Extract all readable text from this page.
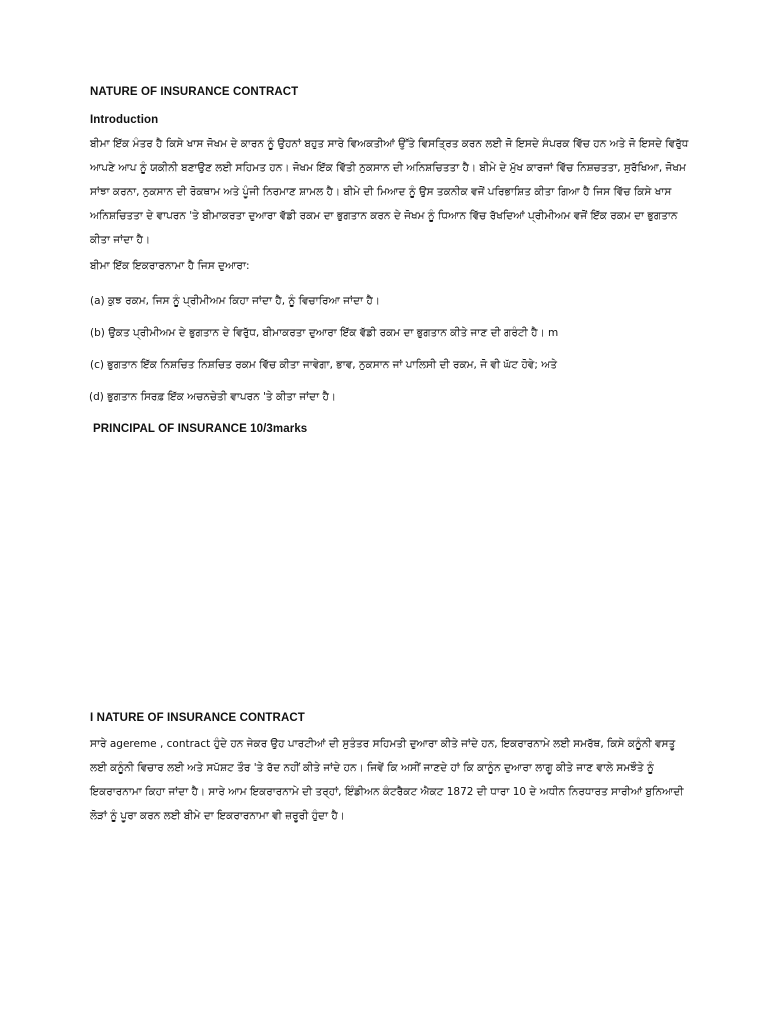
NATURE OF INSURANCE CONTRACT
Introduction

ਬੀਮਾ ਇੱਕ ਮੰਤਰ ਹੈ ਕਿਸੇ ਖਾਸ ਜੋਖਮ ਦੇ ਕਾਰਨ ਨੂੰ ਉਹਨਾਂ ਬਹੁਤ ਸਾਰੇ ਵਿਅਕਤੀਆਂ ਉੱਤੇ ਵਿਸਤ੍ਰਿਤ ਕਰਨ ਲਈ ਜੋ ਇਸਦੇ ਸੰਪਰਕ ਵਿੱਚ ਹਨ ਅਤੇ ਜੋ ਇਸਦੇ ਵਿਰੁੱਧ ਆਪਣੇ ਆਪ ਨੂੰ ਯਕੀਨੀ ਬਣਾਉਣ ਲਈ ਸਹਿਮਤ ਹਨ। ਜੋਖਮ ਇੱਕ ਵਿੱਤੀ ਨੁਕਸਾਨ ਦੀ ਅਨਿਸ਼ਚਿਤਤਾ ਹੈ। ਬੀਮੇ ਦੇ ਮੁੱਖ ਕਾਰਜਾਂ ਵਿੱਚ ਨਿਸ਼ਚਤਤਾ, ਸੁਰੱਖਿਆ, ਜੋਖਮ ਸਾਂਝਾ ਕਰਨਾ, ਨੁਕਸਾਨ ਦੀ ਰੋਕਥਾਮ ਅਤੇ ਪੂੰਜੀ ਨਿਰਮਾਣ ਸ਼ਾਮਲ ਹੈ। ਬੀਮੇ ਦੀ ਮਿਆਦ ਨੂੰ ਉਸ ਤਕਨੀਕ ਵਜੋਂ ਪਰਿਭਾਸ਼ਿਤ ਕੀਤਾ ਗਿਆ ਹੈ ਜਿਸ ਵਿੱਚ ਕਿਸੇ ਖਾਸ ਅਨਿਸ਼ਚਿਤਤਾ ਦੇ ਵਾਪਰਨ 'ਤੇ ਬੀਮਾਕਰਤਾ ਦੁਆਰਾ ਵੱਡੀ ਰਕਮ ਦਾ ਭੁਗਤਾਨ ਕਰਨ ਦੇ ਜੋਖਮ ਨੂੰ ਧਿਆਨ ਵਿੱਚ ਰੱਖਦਿਆਂ ਪ੍ਰੀਮੀਅਮ ਵਜੋਂ ਇੱਕ ਰਕਮ ਦਾ ਭੁਗਤਾਨ ਕੀਤਾ ਜਾਂਦਾ ਹੈ।

ਬੀਮਾ ਇੱਕ ਇਕਰਾਰਨਾਮਾ ਹੈ ਜਿਸ ਦੁਆਰਾ:

(a) ਕੁਝ ਰਕਮ, ਜਿਸ ਨੂੰ ਪ੍ਰੀਮੀਅਮ ਕਿਹਾ ਜਾਂਦਾ ਹੈ, ਨੂੰ ਵਿਚਾਰਿਆ ਜਾਂਦਾ ਹੈ।

(b) ਉਕਤ ਪ੍ਰੀਮੀਅਮ ਦੇ ਭੁਗਤਾਨ ਦੇ ਵਿਰੁੱਧ, ਬੀਮਾਕਰਤਾ ਦੁਆਰਾ ਇੱਕ ਵੱਡੀ ਰਕਮ ਦਾ ਭੁਗਤਾਨ ਕੀਤੇ ਜਾਣ ਦੀ ਗਰੰਟੀ ਹੈ। m

(c) ਭੁਗਤਾਨ ਇੱਕ ਨਿਸ਼ਚਿਤ ਨਿਸ਼ਚਿਤ ਰਕਮ ਵਿੱਚ ਕੀਤਾ ਜਾਵੇਗਾ, ਭਾਵ, ਨੁਕਸਾਨ ਜਾਂ ਪਾਲਿਸੀ ਦੀ ਰਕਮ, ਜੋ ਵੀ ਘੱਟ ਹੋਵੇ; ਅਤੇ

(d) ਭੁਗਤਾਨ ਸਿਰਫ਼ ਇੱਕ ਅਚਨਚੇਤੀ ਵਾਪਰਨ 'ਤੇ ਕੀਤਾ ਜਾਂਦਾ ਹੈ।

PRINCIPAL OF INSURANCE 10/3marks
I NATURE OF INSURANCE CONTRACT

ਸਾਰੇ agereme , contract ਹੁੰਦੇ ਹਨ ਜੇਕਰ ਉਹ ਪਾਰਟੀਆਂ ਦੀ ਸੁਤੰਤਰ ਸਹਿਮਤੀ ਦੁਆਰਾ ਕੀਤੇ ਜਾਂਦੇ ਹਨ, ਇਕਰਾਰਨਾਮੇ ਲਈ ਸਮਰੱਥ, ਕਿਸੇ ਕਨੂੰਨੀ ਵਸਤੂ ਲਈ ਕਨੂੰਨੀ ਵਿਚਾਰ ਲਈ ਅਤੇ ਸਪੱਸ਼ਟ ਤੌਰ 'ਤੇ ਰੱਦ ਨਹੀਂ ਕੀਤੇ ਜਾਂਦੇ ਹਨ। ਜਿਵੇਂ ਕਿ ਅਸੀਂ ਜਾਣਦੇ ਹਾਂ ਕਿ ਕਾਨੂੰਨ ਦੁਆਰਾ ਲਾਗੂ ਕੀਤੇ ਜਾਣ ਵਾਲੇ ਸਮਝੌਤੇ ਨੂੰ ਇਕਰਾਰਨਾਮਾ ਕਿਹਾ ਜਾਂਦਾ ਹੈ। ਸਾਰੇ ਆਮ ਇਕਰਾਰਨਾਮੇ ਦੀ ਤਰ੍ਹਾਂ, ਇੰਡੀਅਨ ਕੰਟਰੈਕਟ ਐਕਟ 1872 ਦੀ ਧਾਰਾ 10 ਦੇ ਅਧੀਨ ਨਿਰਧਾਰਤ ਸਾਰੀਆਂ ਬੁਨਿਆਦੀ ਲੋੜਾਂ ਨੂੰ ਪੂਰਾ ਕਰਨ ਲਈ ਬੀਮੇ ਦਾ ਇਕਰਾਰਨਾਮਾ ਵੀ ਜ਼ਰੂਰੀ ਹੁੰਦਾ ਹੈ।
